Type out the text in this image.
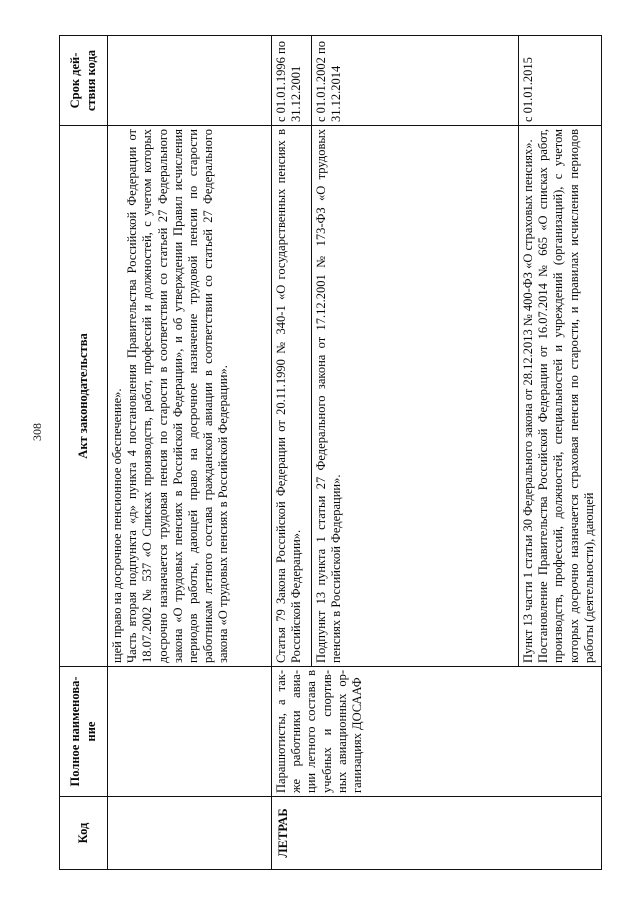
308
Код	Полное наименова-ние	Акт законодательства	Срок дей-ствия кода

		щей право на досрочное пенсионное обеспечение». Часть вторая подпункта «д» пункта 4 постановления Правительства Российской Федерации от 18.07.2002 № 537 «О Списках производств, работ, профессий и должностей, с учетом которых досрочно назначается трудовая пенсия по старости в соответствии со статьей 27 Федерального закона «О трудовых пенсиях в Российской Федерации», и об утверждении Правил исчисления периодов работы, дающей право на досрочное назначение трудовой пенсии по старости работникам летного состава гражданской авиации в соответствии со статьей 27 Федерального закона «О трудовых пенсиях в Российской Федерации».	

ЛЕТРАБ	Парашютисты, а так-же работники авиа-ции летного состава в учебных и спортив-ных авиационных ор-ганизациях ДОСААФ	Статья 79 Закона Российской Федерации от 20.11.1990 № 340-1 «О государственных пенсиях в Российской Федерации».	с 01.01.1996 по 31.12.2001

		Подпункт 13 пункта 1 статьи 27 Федерального закона от 17.12.2001 № 173-ФЗ «О трудовых пенсиях в Российской Федерации».	с 01.01.2002 по 31.12.2014

		Пункт 13 части 1 статьи 30 Федерального закона от 28.12.2013 № 400-ФЗ «О страховых пенсиях». Постановление Правительства Российской Федерации от 16.07.2014 № 665 «О списках работ, производств, профессий, должностей, специальностей и учреждений (организаций), с учетом которых досрочно назначается страховая пенсия по старости, и правилах исчисления периодов работы (деятельности), дающей	с 01.01.2015
